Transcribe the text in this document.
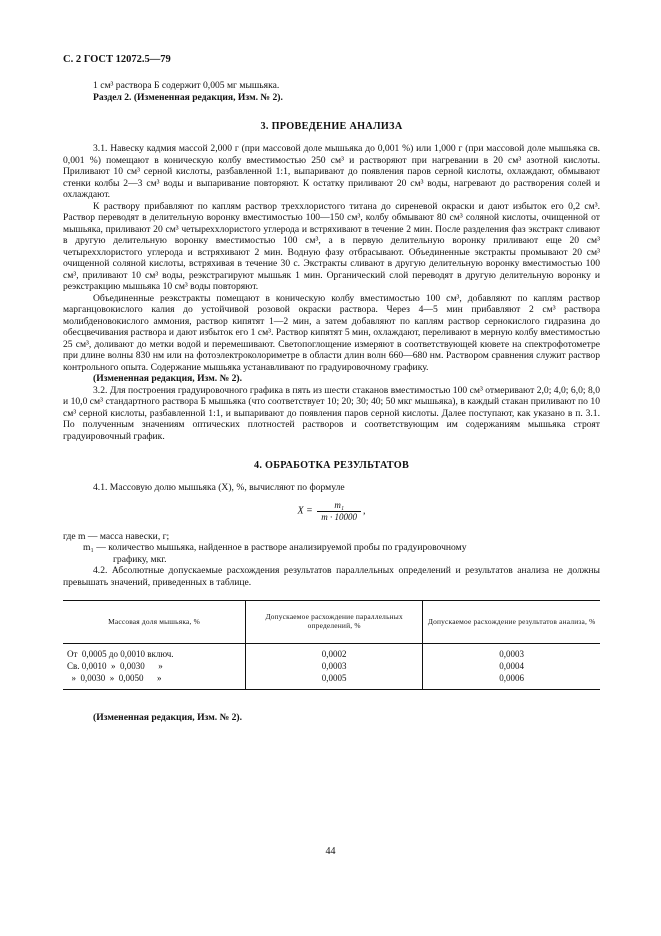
С. 2 ГОСТ 12072.5—79

1 см³ раствора Б содержит 0,005 мг мышьяка.

Раздел 2. (Измененная редакция, Изм. № 2).

3. ПРОВЕДЕНИЕ АНАЛИЗА

3.1. Навеску кадмия массой 2,000 г (при массовой доле мышьяка до 0,001 %) или 1,000 г (при массовой доле мышьяка св. 0,001 %) помещают в коническую колбу вместимостью 250 см³ и растворяют при нагревании в 20 см³ азотной кислоты. Приливают 10 см³ серной кислоты, разбавленной 1:1, выпаривают до появления паров серной кислоты, охлаждают, обмывают стенки колбы 2—3 см³ воды и выпаривание повторяют. К остатку приливают 20 см³ воды, нагревают до растворения солей и охлаждают.

К раствору прибавляют по каплям раствор треххлористого титана до сиреневой окраски и дают избыток его 0,2 см³. Раствор переводят в делительную воронку вместимостью 100—150 см³, колбу обмывают 80 см³ соляной кислоты, очищенной от мышьяка, приливают 20 см³ четыреххлористого углерода и встряхивают в течение 2 мин. После разделения фаз экстракт сливают в другую делительную воронку вместимостью 100 см³, а в первую делительную воронку приливают еще 20 см³ четыреххлористого углерода и встряхивают 2 мин. Водную фазу отбрасывают. Объединенные экстракты промывают 20 см³ очищенной соляной кислоты, встряхивая в течение 30 с. Экстракты сливают в другую делительную воронку вместимостью 100 см³, приливают 10 см³ воды, реэкстрагируют мышьяк 1 мин. Органический слой переводят в другую делительную воронку и реэкстракцию мышьяка 10 см³ воды повторяют.

Объединенные реэкстракты помещают в коническую колбу вместимостью 100 см³, добавляют по каплям раствор марганцовокислого калия до устойчивой розовой окраски раствора. Через 4—5 мин прибавляют 2 см³ раствора молибденовокислого аммония, раствор кипятят 1—2 мин, а затем добавляют по каплям раствор сернокислого гидразина до обесцвечивания раствора и дают избыток его 1 см³. Раствор кипятят 5 мин, охлаждают, переливают в мерную колбу вместимостью 25 см³, доливают до метки водой и перемешивают. Светопоглощение измеряют в соответствующей кювете на спектрофотометре при длине волны 830 нм или на фотоэлектроколориметре в области длин волн 660—680 нм. Раствором сравнения служит раствор контрольного опыта. Содержание мышьяка устанавливают по градуировочному графику.

(Измененная редакция, Изм. № 2).

3.2. Для построения градуировочного графика в пять из шести стаканов вместимостью 100 см³ отмеривают 2,0; 4,0; 6,0; 8,0 и 10,0 см³ стандартного раствора Б мышьяка (что соответствует 10; 20; 30; 40; 50 мкг мышьяка), в каждый стакан приливают по 10 см³ серной кислоты, разбавленной 1:1, и выпаривают до появления паров серной кислоты. Далее поступают, как указано в п. 3.1. По полученным значениям оптических плотностей растворов и соответствующим им содержаниям мышьяка строят градуировочный график.

4. ОБРАБОТКА РЕЗУЛЬТАТОВ

4.1. Массовую долю мышьяка (X), %, вычисляют по формуле

$X = \frac{\text{m₁}}{m \cdot 10000}$ ,

где m — масса навески, г;

m₁ — количество мышьяка, найденное в растворе анализируемой пробы по градуировочному

графику, мкг.

4.2. Абсолютные допускаемые расхождения результатов параллельных определений и результатов анализа не должны превышать значений, приведенных в таблице.

Массовая доля мышьяка, %	Допускаемое расхождение параллельных определений, %	Допускаемое расхождение результатов анализа, %

От  0,0005 до 0,0010 включ.	0,0002	0,0003

Св. 0,0010  »  0,0030      »	0,0003	0,0004

»  0,0030  »  0,0050      »	0,0005	0,0006

(Измененная редакция, Изм. № 2).

44
